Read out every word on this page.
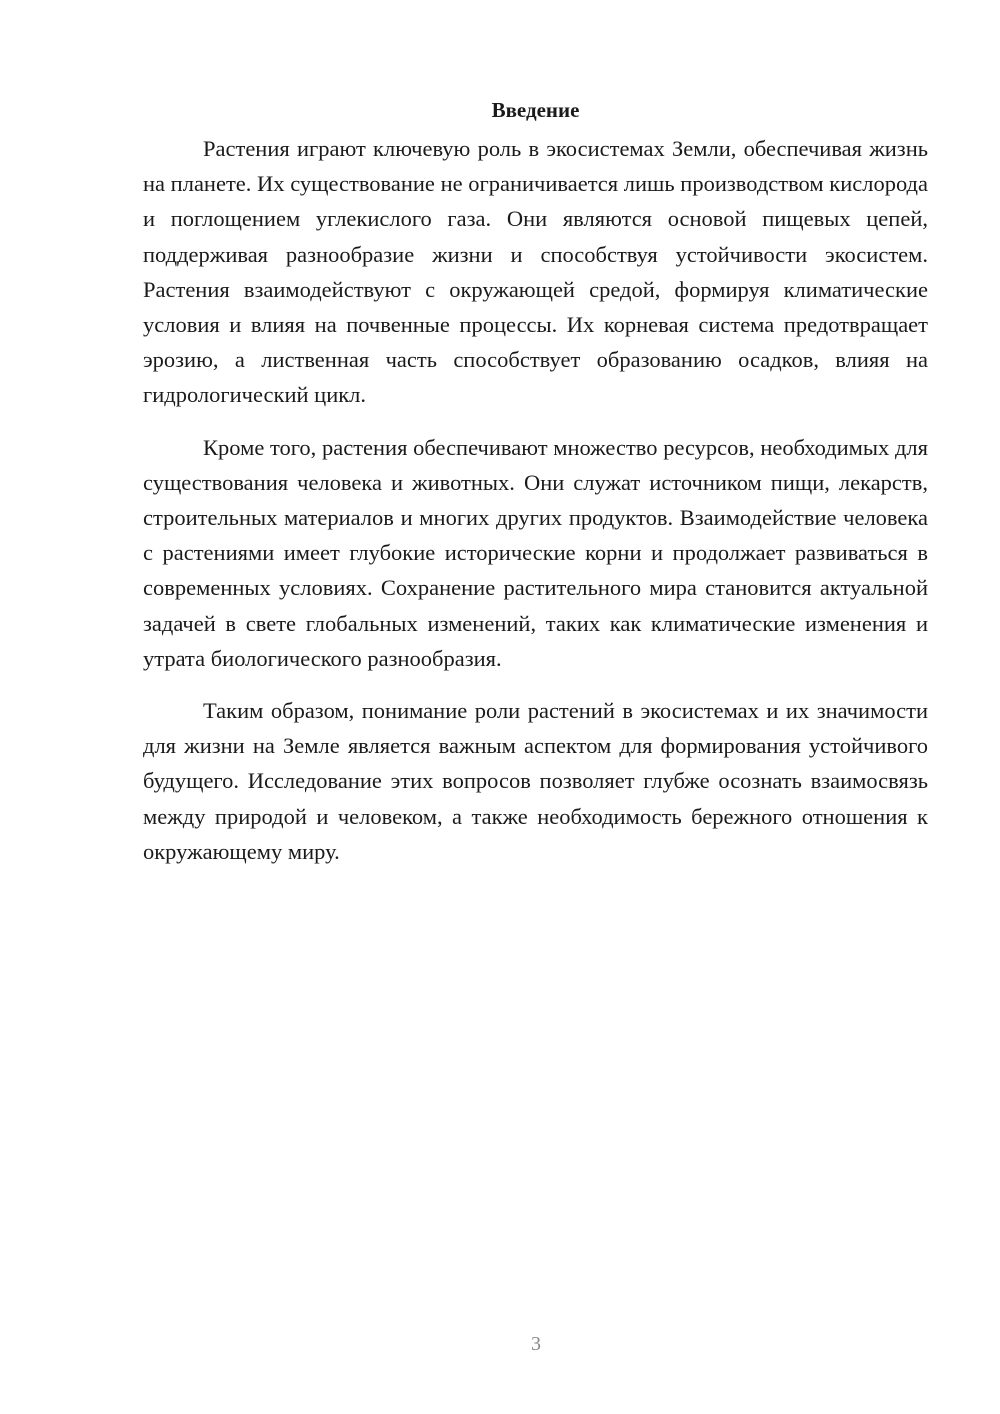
Введение

Растения играют ключевую роль в экосистемах Земли, обеспечивая жизнь на планете. Их существование не ограничивается лишь производством кислорода и поглощением углекислого газа. Они являются основой пищевых цепей, поддерживая разнообразие жизни и способствуя устойчивости экосистем. Растения взаимодействуют с окружающей средой, формируя климатические условия и влияя на почвенные процессы. Их корневая система предотвращает эрозию, а лиственная часть способствует образованию осадков, влияя на гидрологический цикл.

Кроме того, растения обеспечивают множество ресурсов, необходимых для существования человека и животных. Они служат источником пищи, лекарств, строительных материалов и многих других продуктов. Взаимодействие человека с растениями имеет глубокие исторические корни и продолжает развиваться в современных условиях. Сохранение растительного мира становится актуальной задачей в свете глобальных изменений, таких как климатические изменения и утрата биологического разнообразия.

Таким образом, понимание роли растений в экосистемах и их значимости для жизни на Земле является важным аспектом для формирования устойчивого будущего. Исследование этих вопросов позволяет глубже осознать взаимосвязь между природой и человеком, а также необходимость бережного отношения к окружающему миру.

3
